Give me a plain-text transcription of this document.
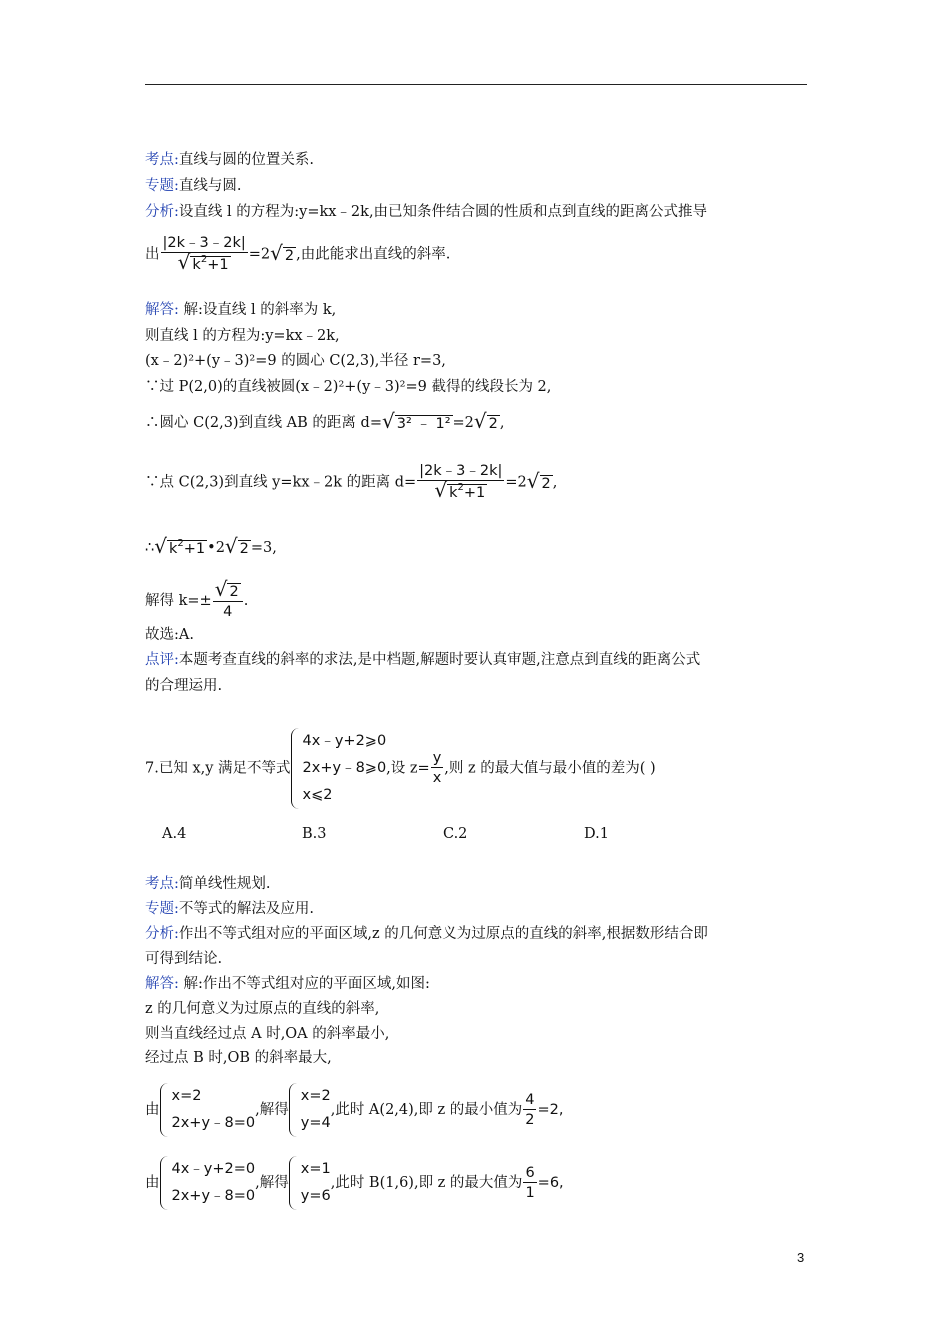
考点:直线与圆的位置关系.
专题:直线与圆.
分析:设直线 l 的方程为:y=kx﹣2k,由已知条件结合圆的性质和点到直线的距离公式推导
出 $\frac{|2k﹣3﹣2k|}{√ k^2+1} =2√$ 2 ,由此能求出直线的斜率.
解答: 解:设直线 l 的斜率为 k,
则直线 l 的方程为:y=kx﹣2k,
(x﹣2)²+(y﹣3)²=9 的圆心 C(2,3),半径 r=3,
∵过 P(2,0)的直线被圆(x﹣2)²+(y﹣3)²=9 截得的线段长为 2,
∴圆心 C(2,3)到直线 AB 的距离 d=√ 3² ﹣ 1² =2√ 2 ,
∵点 C(2,3)到直线 y=kx﹣2k 的距离 $d= \frac{|2k﹣3﹣2k|}{√ k^2+1} =2√$ 2 ,
∴√ $k^2+1$ •2√ 2 =3,
解得 $k=\pm \frac{√ 2}{4}$ .
故选:A.
点评:本题考查直线的斜率的求法,是中档题,解题时要认真审题,注意点到直线的距离公式
的合理运用.
7.已知 x,y 满足不等式
4x﹣y+2⩾0
2x+y﹣8⩾0
x⩽2
,设 $z= \frac{y}{x}$ ,则 z 的最大值与最小值的差为( )
A.4	B.3	C.2	D.1
考点:简单线性规划.
专题:不等式的解法及应用.
分析:作出不等式组对应的平面区域,z 的几何意义为过原点的直线的斜率,根据数形结合即
可得到结论.
解答: 解:作出不等式组对应的平面区域,如图:
z 的几何意义为过原点的直线的斜率,
则当直线经过点 A 时,OA 的斜率最小,
经过点 B 时,OB 的斜率最大,
由
x=2
2x+y﹣8=0
,解得
x=2
y=4
,此时 A(2,4),即 z 的最小值为 $\frac{4}{2} =2$,
由
4x﹣y+2=0
2x+y﹣8=0
,解得
x=1
y=6
,此时 B(1,6),即 z 的最大值为 $\frac{6}{1} =6$,
3
